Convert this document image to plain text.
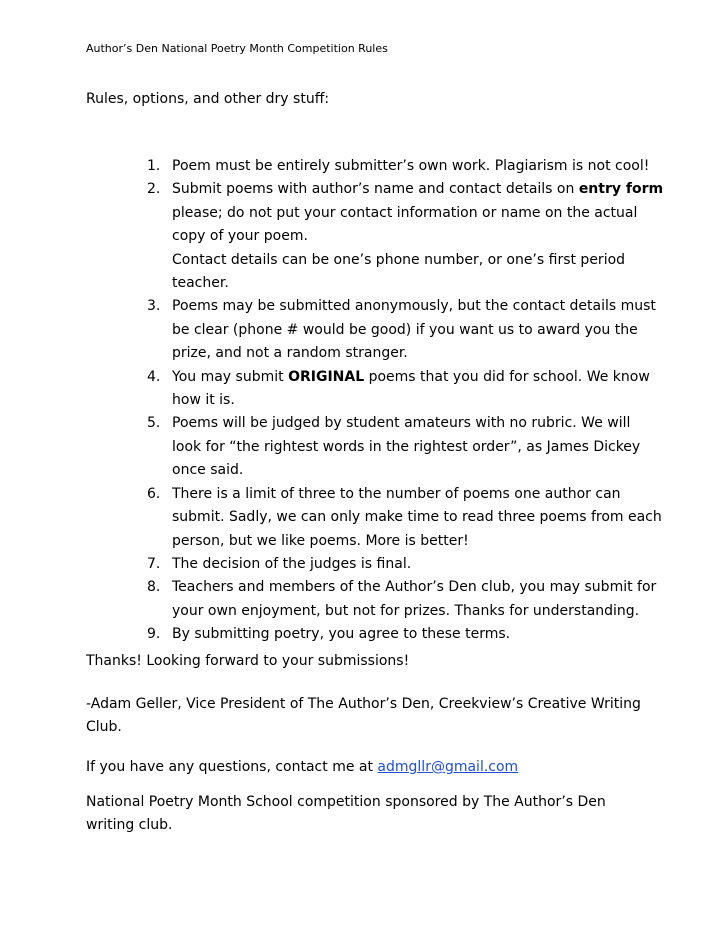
Author’s Den National Poetry Month Competition Rules
Rules, options, and other dry stuff:
1. Poem must be entirely submitter’s own work. Plagiarism is not cool!
2. Submit poems with author’s name and contact details on entry form
please; do not put your contact information or name on the actual
copy of your poem.
Contact details can be one’s phone number, or one’s first period
teacher.
3. Poems may be submitted anonymously, but the contact details must
be clear (phone # would be good) if you want us to award you the
prize, and not a random stranger.
4. You may submit ORIGINAL poems that you did for school. We know
how it is.
5. Poems will be judged by student amateurs with no rubric. We will
look for “the rightest words in the rightest order”, as James Dickey
once said.
6. There is a limit of three to the number of poems one author can
submit. Sadly, we can only make time to read three poems from each
person, but we like poems. More is better!
7. The decision of the judges is final.
8. Teachers and members of the Author’s Den club, you may submit for
your own enjoyment, but not for prizes. Thanks for understanding.
9. By submitting poetry, you agree to these terms.

Thanks! Looking forward to your submissions!

-Adam Geller, Vice President of The Author’s Den, Creekview’s Creative Writing
Club.

If you have any questions, contact me at admgllr@gmail.com

National Poetry Month School competition sponsored by The Author’s Den
writing club.
